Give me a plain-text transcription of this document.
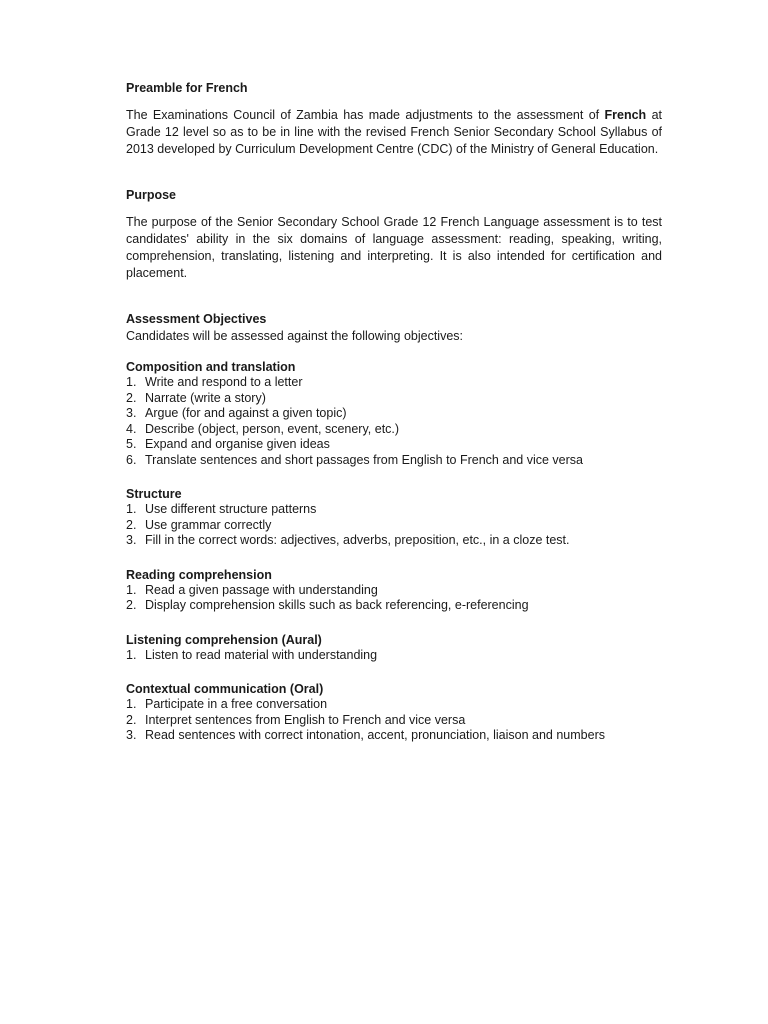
Preamble for French

The Examinations Council of Zambia has made adjustments to the assessment of French at Grade 12 level so as to be in line with the revised French Senior Secondary School Syllabus of 2013 developed by Curriculum Development Centre (CDC) of the Ministry of General Education.

Purpose

The purpose of the Senior Secondary School Grade 12 French Language assessment is to test candidates' ability in the six domains of language assessment: reading, speaking, writing, comprehension, translating, listening and interpreting. It is also intended for certification and placement.

Assessment Objectives

Candidates will be assessed against the following objectives:

Composition and translation

1. Write and respond to a letter
2. Narrate (write a story)
3. Argue (for and against a given topic)
4. Describe (object, person, event, scenery, etc.)
5. Expand and organise given ideas
6. Translate sentences and short passages from English to French and vice versa

Structure

1. Use different structure patterns
2. Use grammar correctly
3. Fill in the correct words: adjectives, adverbs, preposition, etc., in a cloze test.

Reading comprehension

1. Read a given passage with understanding
2. Display comprehension skills such as back referencing, e-referencing

Listening comprehension (Aural)

1. Listen to read material with understanding

Contextual communication (Oral)

1. Participate in a free conversation
2. Interpret sentences from English to French and vice versa
3. Read sentences with correct intonation, accent, pronunciation, liaison and numbers
